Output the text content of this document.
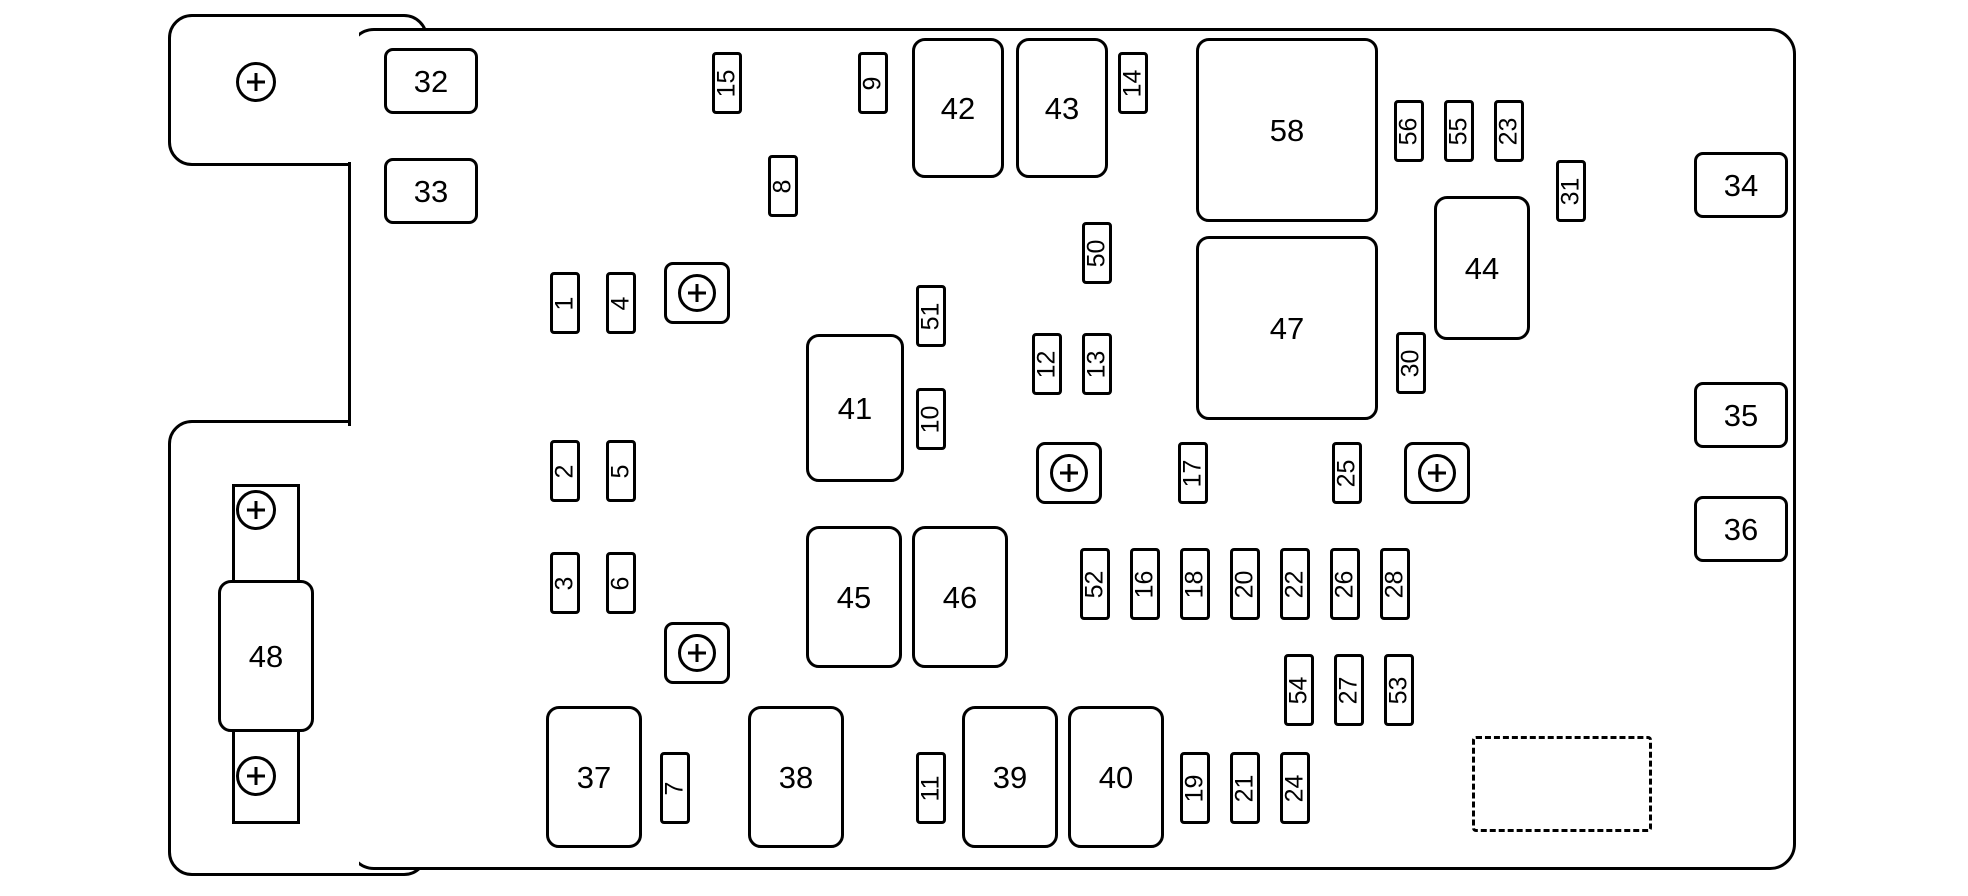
32
33
15	9
42 43
14
58	56 55 23
31	34
8
50	44
47
1 4	51
12 13	30
35
41 10
2 5	17	25
36
3 6	45 46	52 16 18 20 22 26 28
54 27 53
37 7	38	11 39 40 19 21 24
48
